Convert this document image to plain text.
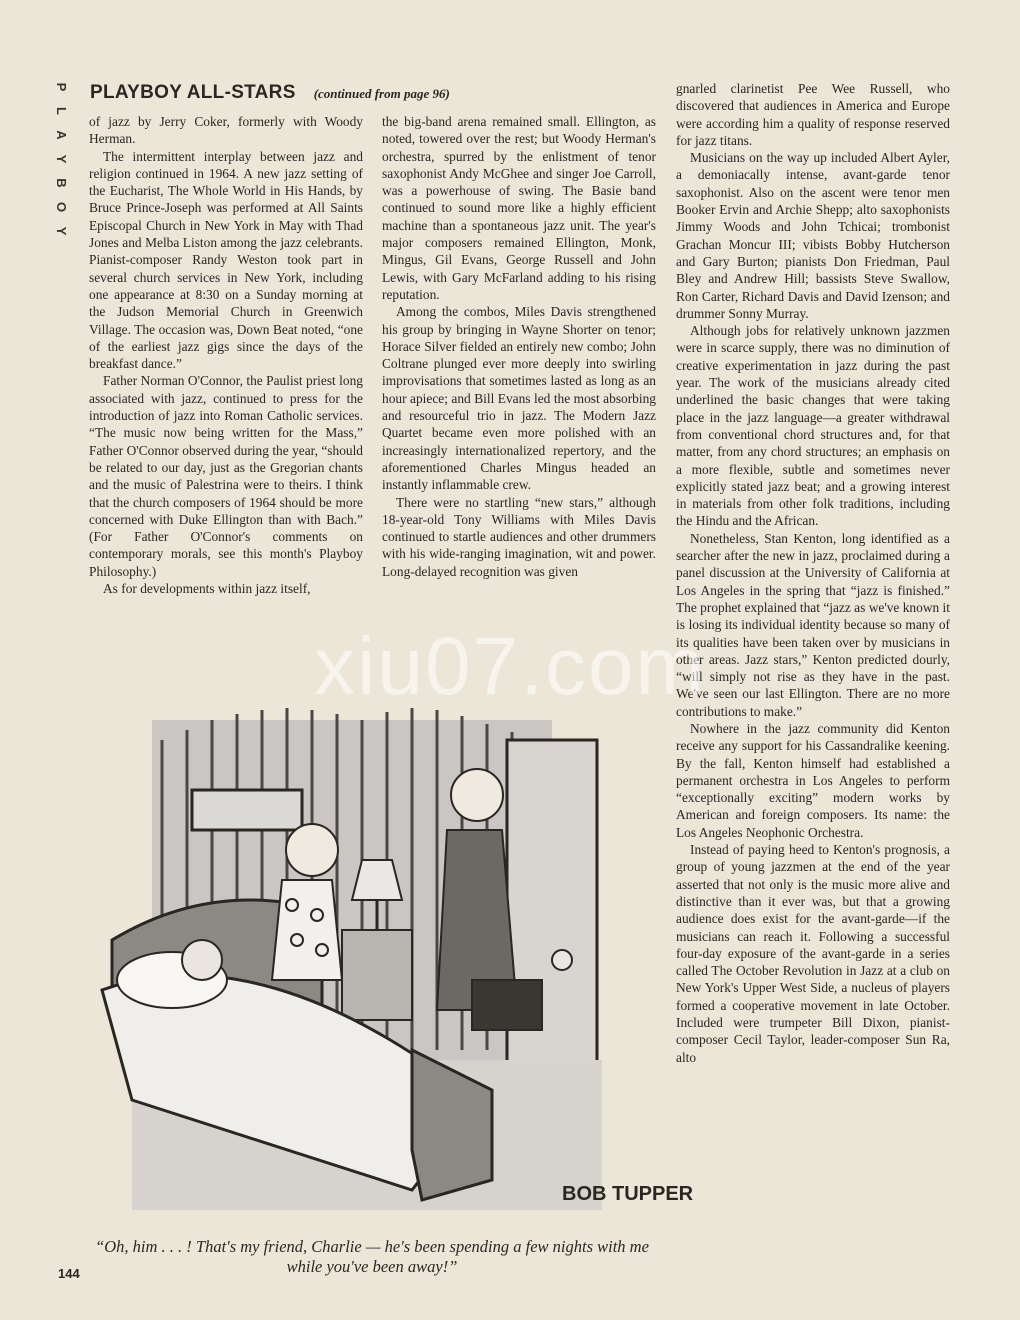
P
L
A
Y
B
O
Y
PLAYBOY ALL-STARS (continued from page 96)

of jazz by Jerry Coker, formerly with Woody Herman.

The intermittent interplay between jazz and religion continued in 1964. A new jazz setting of the Eucharist, The Whole World in His Hands, by Bruce Prince-Joseph was performed at All Saints Episcopal Church in New York in May with Thad Jones and Melba Liston among the jazz celebrants. Pianist-composer Randy Weston took part in several church services in New York, including one appearance at 8:30 on a Sunday morning at the Judson Memorial Church in Greenwich Village. The occasion was, Down Beat noted, “one of the earliest jazz gigs since the days of the breakfast dance.”

Father Norman O'Connor, the Paulist priest long associated with jazz, continued to press for the introduction of jazz into Roman Catholic services. “The music now being written for the Mass,” Father O'Connor observed during the year, “should be related to our day, just as the Gregorian chants and the music of Palestrina were to theirs. I think that the church composers of 1964 should be more concerned with Duke Ellington than with Bach.” (For Father O'Connor's comments on contemporary morals, see this month's Playboy Philosophy.)

As for developments within jazz itself,

the big-band arena remained small. Ellington, as noted, towered over the rest; but Woody Herman's orchestra, spurred by the enlistment of tenor saxophonist Andy McGhee and singer Joe Carroll, was a powerhouse of swing. The Basie band continued to sound more like a highly efficient machine than a spontaneous jazz unit. The year's major composers remained Ellington, Monk, Mingus, Gil Evans, George Russell and John Lewis, with Gary McFarland adding to his rising reputation.

Among the combos, Miles Davis strengthened his group by bringing in Wayne Shorter on tenor; Horace Silver fielded an entirely new combo; John Coltrane plunged ever more deeply into swirling improvisations that sometimes lasted as long as an hour apiece; and Bill Evans led the most absorbing and resourceful trio in jazz. The Modern Jazz Quartet became even more polished with an increasingly internationalized repertory, and the aforementioned Charles Mingus headed an instantly inflammable crew.

There were no startling “new stars,” although 18-year-old Tony Williams with Miles Davis continued to startle audiences and other drummers with his wide-ranging imagination, wit and power. Long-delayed recognition was given

gnarled clarinetist Pee Wee Russell, who discovered that audiences in America and Europe were according him a quality of response reserved for jazz titans.

Musicians on the way up included Albert Ayler, a demoniacally intense, avant-garde tenor saxophonist. Also on the ascent were tenor men Booker Ervin and Archie Shepp; alto saxophonists Jimmy Woods and John Tchicai; trombonist Grachan Moncur III; vibists Bobby Hutcherson and Gary Burton; pianists Don Friedman, Paul Bley and Andrew Hill; bassists Steve Swallow, Ron Carter, Richard Davis and David Izenson; and drummer Sonny Murray.

Although jobs for relatively unknown jazzmen were in scarce supply, there was no diminution of creative experimentation in jazz during the past year. The work of the musicians already cited underlined the basic changes that were taking place in the jazz language—a greater withdrawal from conventional chord structures and, for that matter, from any chord structures; an emphasis on a more flexible, subtle and sometimes never explicitly stated jazz beat; and a growing interest in materials from other folk traditions, including the Hindu and the African.

Nonetheless, Stan Kenton, long identified as a searcher after the new in jazz, proclaimed during a panel discussion at the University of California at Los Angeles in the spring that “jazz is finished.” The prophet explained that “jazz as we've known it is losing its individual identity because so many of its qualities have been taken over by musicians in other areas. Jazz stars,” Kenton predicted dourly, “will simply not rise as they have in the past. We've seen our last Ellington. There are no more contributions to make.”

Nowhere in the jazz community did Kenton receive any support for his Cassandralike keening. By the fall, Kenton himself had established a permanent orchestra in Los Angeles to perform “exceptionally exciting” modern works by American and foreign composers. Its name: the Los Angeles Neophonic Orchestra.

Instead of paying heed to Kenton's prognosis, a group of young jazzmen at the end of the year asserted that not only is the music more alive and distinctive than it ever was, but that a growing audience does exist for the avant-garde—if the musicians can reach it. Following a successful four-day exposure of the avant-garde in a series called The October Revolution in Jazz at a club on New York's Upper West Side, a nucleus of players formed a cooperative movement in late October. Included were trumpeter Bill Dixon, pianist-composer Cecil Taylor, leader-composer Sun Ra, alto

BOB TUPPER
“Oh, him . . . ! That's my friend, Charlie — he's been spending a few nights with me while you've been away!”
144
xiu07.com
